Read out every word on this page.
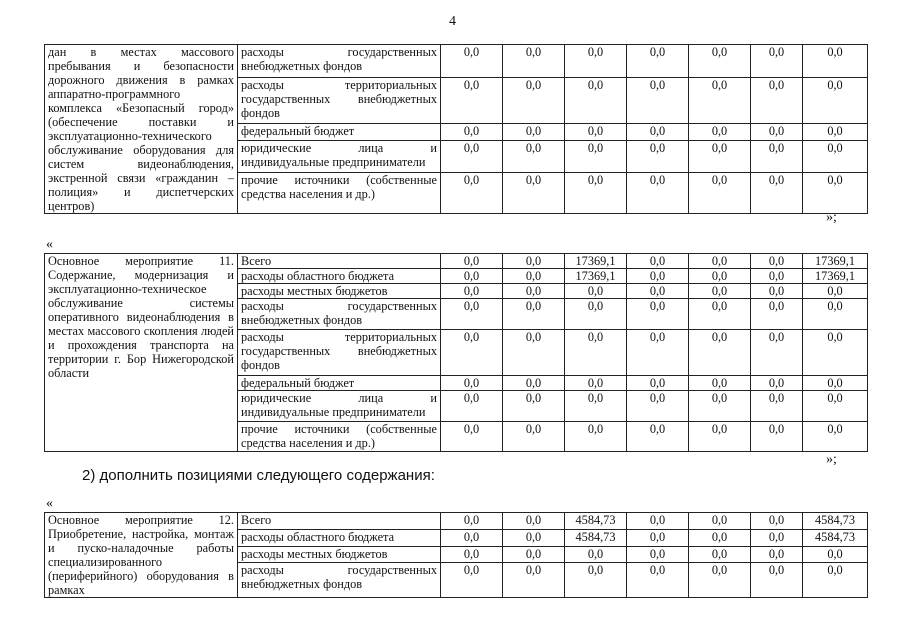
4
дан в местах массового пребывания и безопасности дорожного движения в рамках аппаратно-программного комплекса «Безопасный город» (обеспечение поставки и эксплуатационно-технического обслуживание оборудования для систем видеонаблюдения, экстренной связи «гражданин – полиция» и диспетчерских центров)	расходы государственных внебюджетных фондов	0,0	0,0	0,0	0,0	0,0	0,0	0,0
	расходы территориальных государственных внебюджетных фондов	0,0	0,0	0,0	0,0	0,0	0,0	0,0
	федеральный бюджет	0,0	0,0	0,0	0,0	0,0	0,0	0,0
	юридические лица и индивидуальные предприниматели	0,0	0,0	0,0	0,0	0,0	0,0	0,0
	прочие источники (собственные средства населения и др.)	0,0	0,0	0,0	0,0	0,0	0,0	0,0
»;
«
Основное мероприятие 11. Содержание, модернизация и эксплуатационно-техническое обслуживание системы оперативного видеонаблюдения в местах массового скопления людей и прохождения транспорта на территории г. Бор Нижегородской области	Всего	0,0	0,0	17369,1	0,0	0,0	0,0	17369,1
	расходы областного бюджета	0,0	0,0	17369,1	0,0	0,0	0,0	17369,1
	расходы местных бюджетов	0,0	0,0	0,0	0,0	0,0	0,0	0,0
	расходы государственных внебюджетных фондов	0,0	0,0	0,0	0,0	0,0	0,0	0,0
	расходы территориальных государственных внебюджетных фондов	0,0	0,0	0,0	0,0	0,0	0,0	0,0
	федеральный бюджет	0,0	0,0	0,0	0,0	0,0	0,0	0,0
	юридические лица и индивидуальные предприниматели	0,0	0,0	0,0	0,0	0,0	0,0	0,0
	прочие источники (собственные средства населения и др.)	0,0	0,0	0,0	0,0	0,0	0,0	0,0
»;
2) дополнить позициями следующего содержания:
«
Основное мероприятие 12. Приобретение, настройка, монтаж и пуско-наладочные работы специализированного (периферийного) оборудования в рамках	Всего	0,0	0,0	4584,73	0,0	0,0	0,0	4584,73
	расходы областного бюджета	0,0	0,0	4584,73	0,0	0,0	0,0	4584,73
	расходы местных бюджетов	0,0	0,0	0,0	0,0	0,0	0,0	0,0
	расходы государственных внебюджетных фондов	0,0	0,0	0,0	0,0	0,0	0,0	0,0
